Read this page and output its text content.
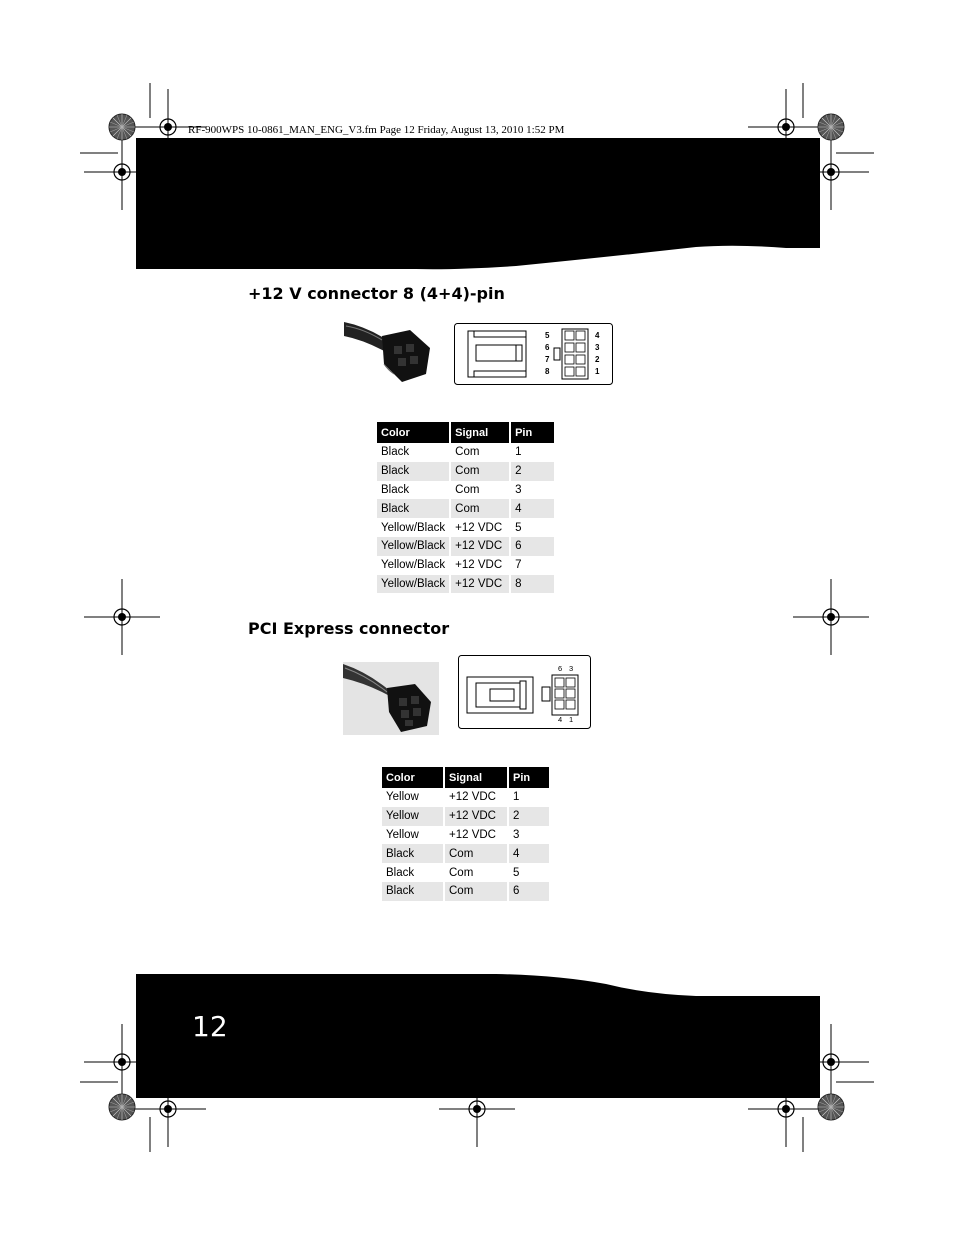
RF-900WPS 10-0861_MAN_ENG_V3.fm Page 12 Friday, August 13, 2010 1:52 PM
+12 V connector 8 (4+4)-pin
5
6
7
8
4
3
2
1
Color	Signal	Pin
Black	Com	1
Black	Com	2
Black	Com	3
Black	Com	4
Yellow/Black	+12 VDC	5
Yellow/Black	+12 VDC	6
Yellow/Black	+12 VDC	7
Yellow/Black	+12 VDC	8
PCI Express connector
6 3
4 1
Color	Signal	Pin
Yellow	+12 VDC	1
Yellow	+12 VDC	2
Yellow	+12 VDC	3
Black	Com	4
Black	Com	5
Black	Com	6
12
